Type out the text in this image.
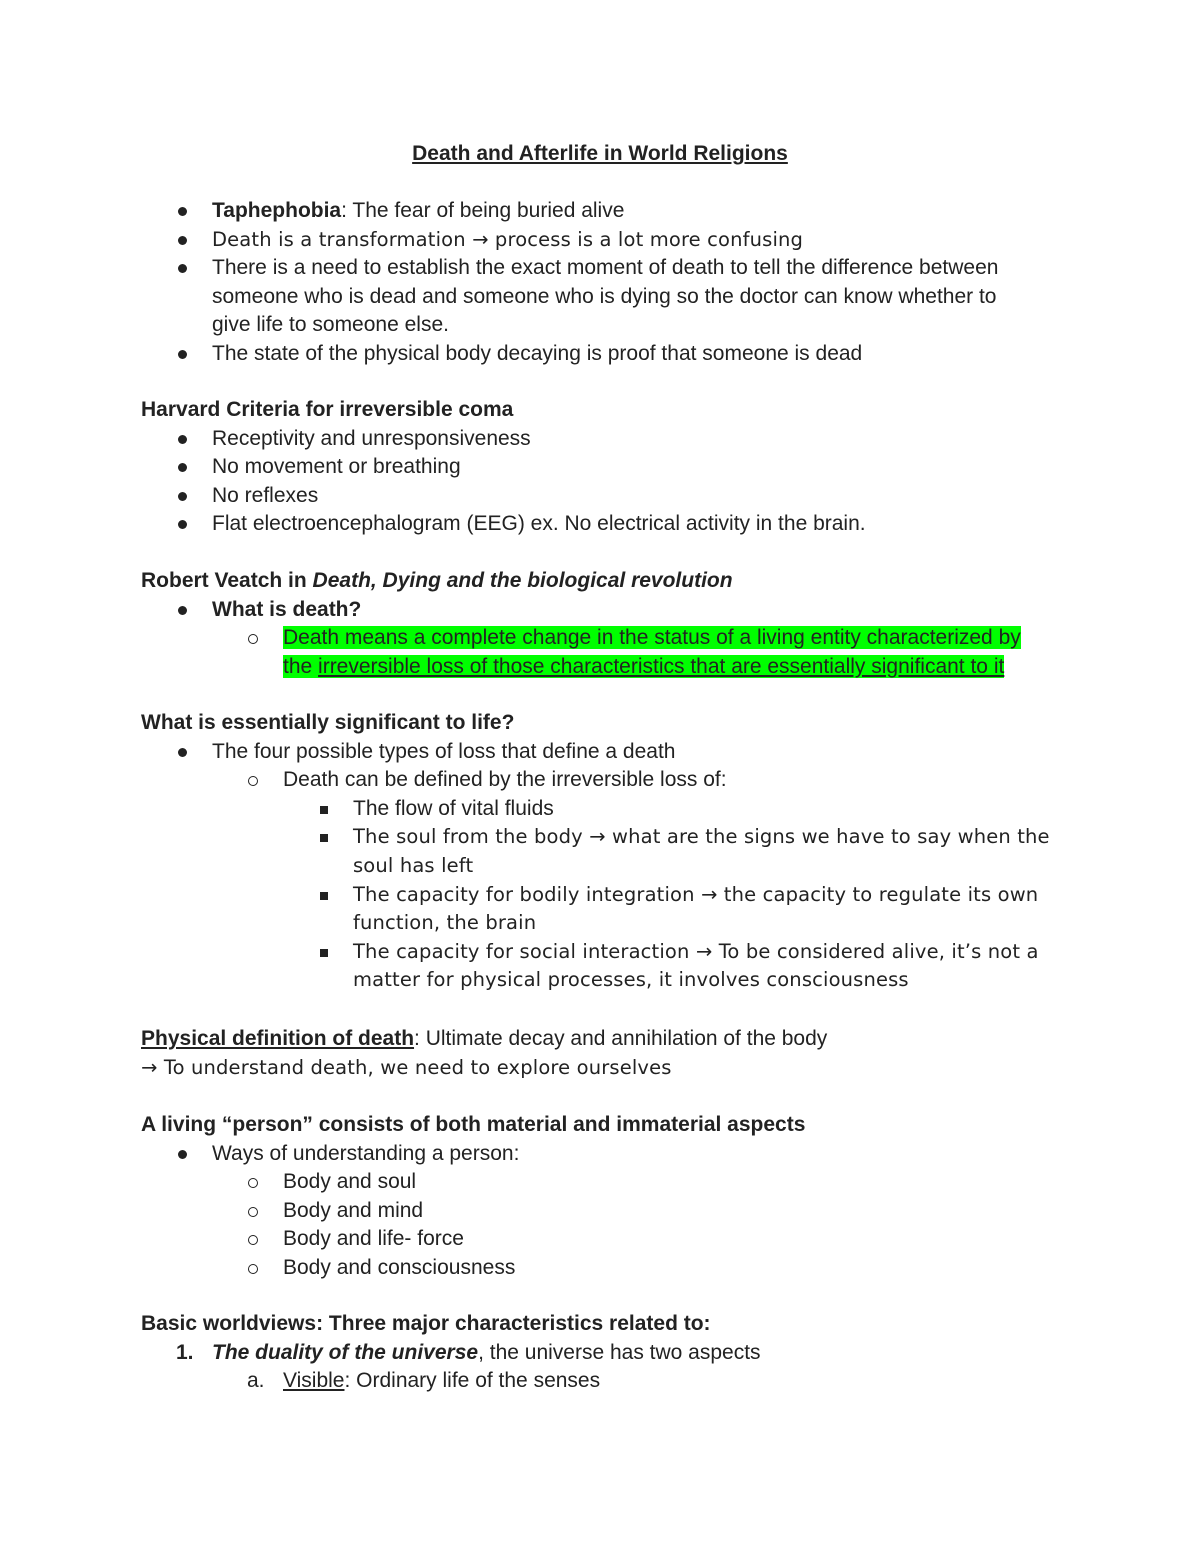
Death and Afterlife in World Religions
Taphephobia: The fear of being buried alive
Death is a transformation → process is a lot more confusing
There is a need to establish the exact moment of death to tell the difference between someone who is dead and someone who is dying so the doctor can know whether to give life to someone else.
The state of the physical body decaying is proof that someone is dead
Harvard Criteria for irreversible coma
Receptivity and unresponsiveness
No movement or breathing
No reflexes
Flat electroencephalogram (EEG) ex. No electrical activity in the brain.
Robert Veatch in Death, Dying and the biological revolution
What is death?
Death means a complete change in the status of a living entity characterized by
the irreversible loss of those characteristics that are essentially significant to it
What is essentially significant to life?
The four possible types of loss that define a death
Death can be defined by the irreversible loss of:
The flow of vital fluids
The soul from the body → what are the signs we have to say when the soul has left
The capacity for bodily integration → the capacity to regulate its own function, the brain
The capacity for social interaction → To be considered alive, it’s not a matter for physical processes, it involves consciousness
Physical definition of death: Ultimate decay and annihilation of the body
→ To understand death, we need to explore ourselves
A living “person” consists of both material and immaterial aspects
Ways of understanding a person:
Body and soul
Body and mind
Body and life- force
Body and consciousness
Basic worldviews: Three major characteristics related to:
1. The duality of the universe, the universe has two aspects
a. Visible: Ordinary life of the senses
